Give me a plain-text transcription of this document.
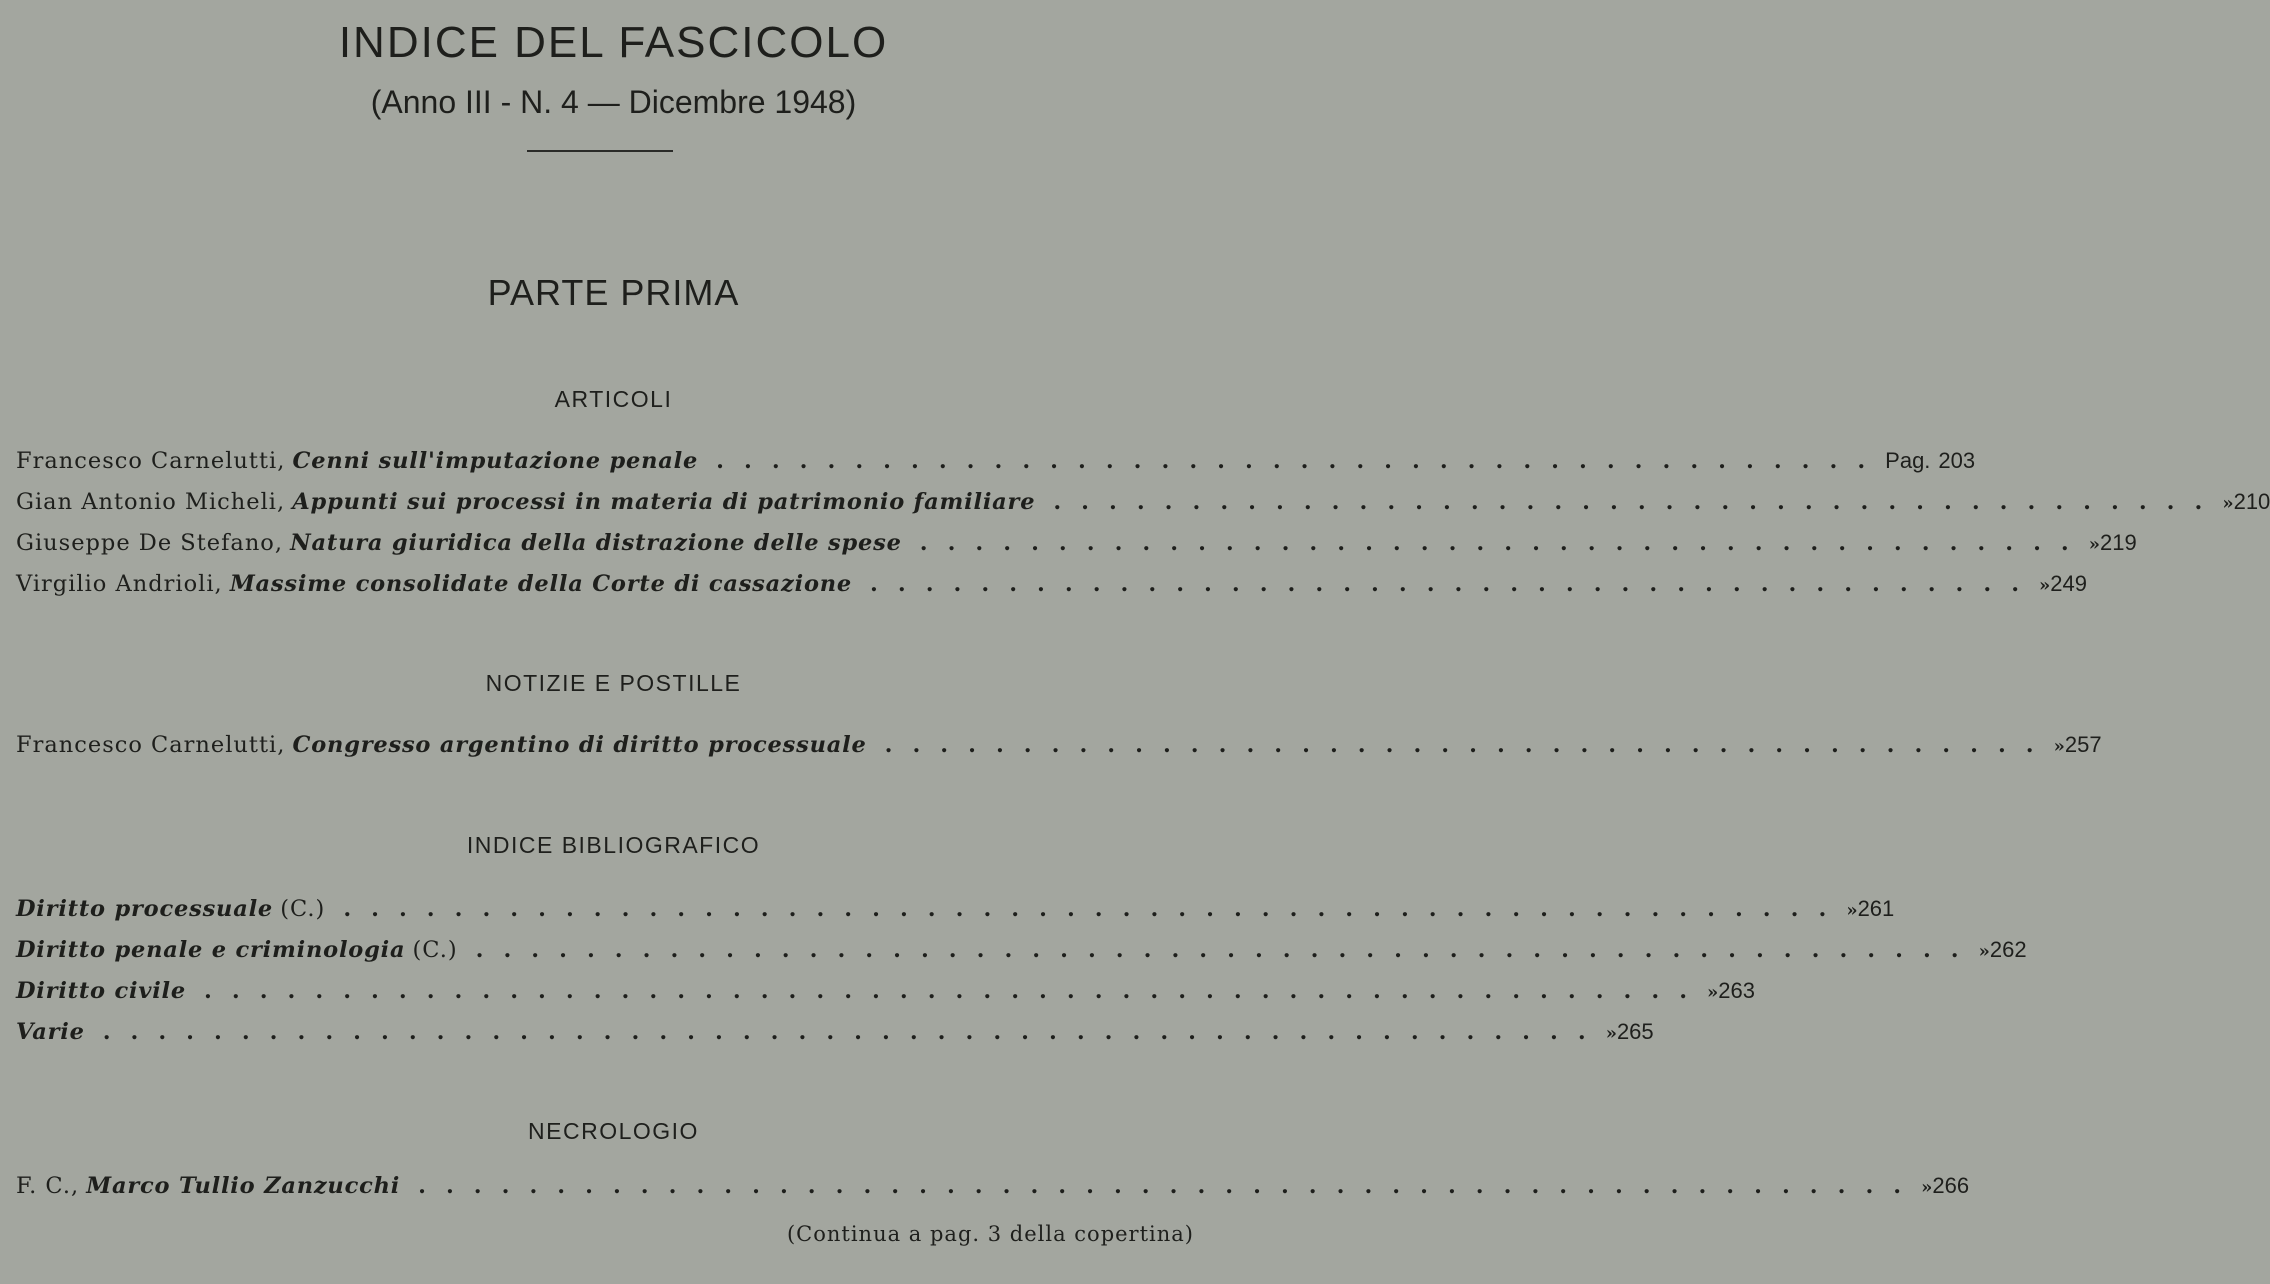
INDICE DEL FASCICOLO
(Anno III - N. 4 — Dicembre 1948)
PARTE PRIMA
ARTICOLI
Francesco Carnelutti,
Cenni sull'imputazione penale .......................................... Pag. 203
Gian Antonio Micheli,
Appunti sui processi in materia di patrimonio familiare .......................................... » 210
Giuseppe De Stefano,
Natura giuridica della distrazione delle spese .......................................... » 219
Virgilio Andrioli,
Massime consolidate della Corte di cassazione .......................................... » 249
NOTIZIE E POSTILLE
Francesco Carnelutti,
Congresso argentino di diritto processuale .......................................... » 257
INDICE BIBLIOGRAFICO
Diritto processuale
(C.) ...................................................... » 261
Diritto penale e criminologia
(C.) ...................................................... » 262
Diritto civile ...................................................... » 263
Varie ...................................................... » 265
NECROLOGIO
F. C.,
Marco Tullio Zanzucchi ...................................................... » 266
(Continua a pag. 3 della copertina)
